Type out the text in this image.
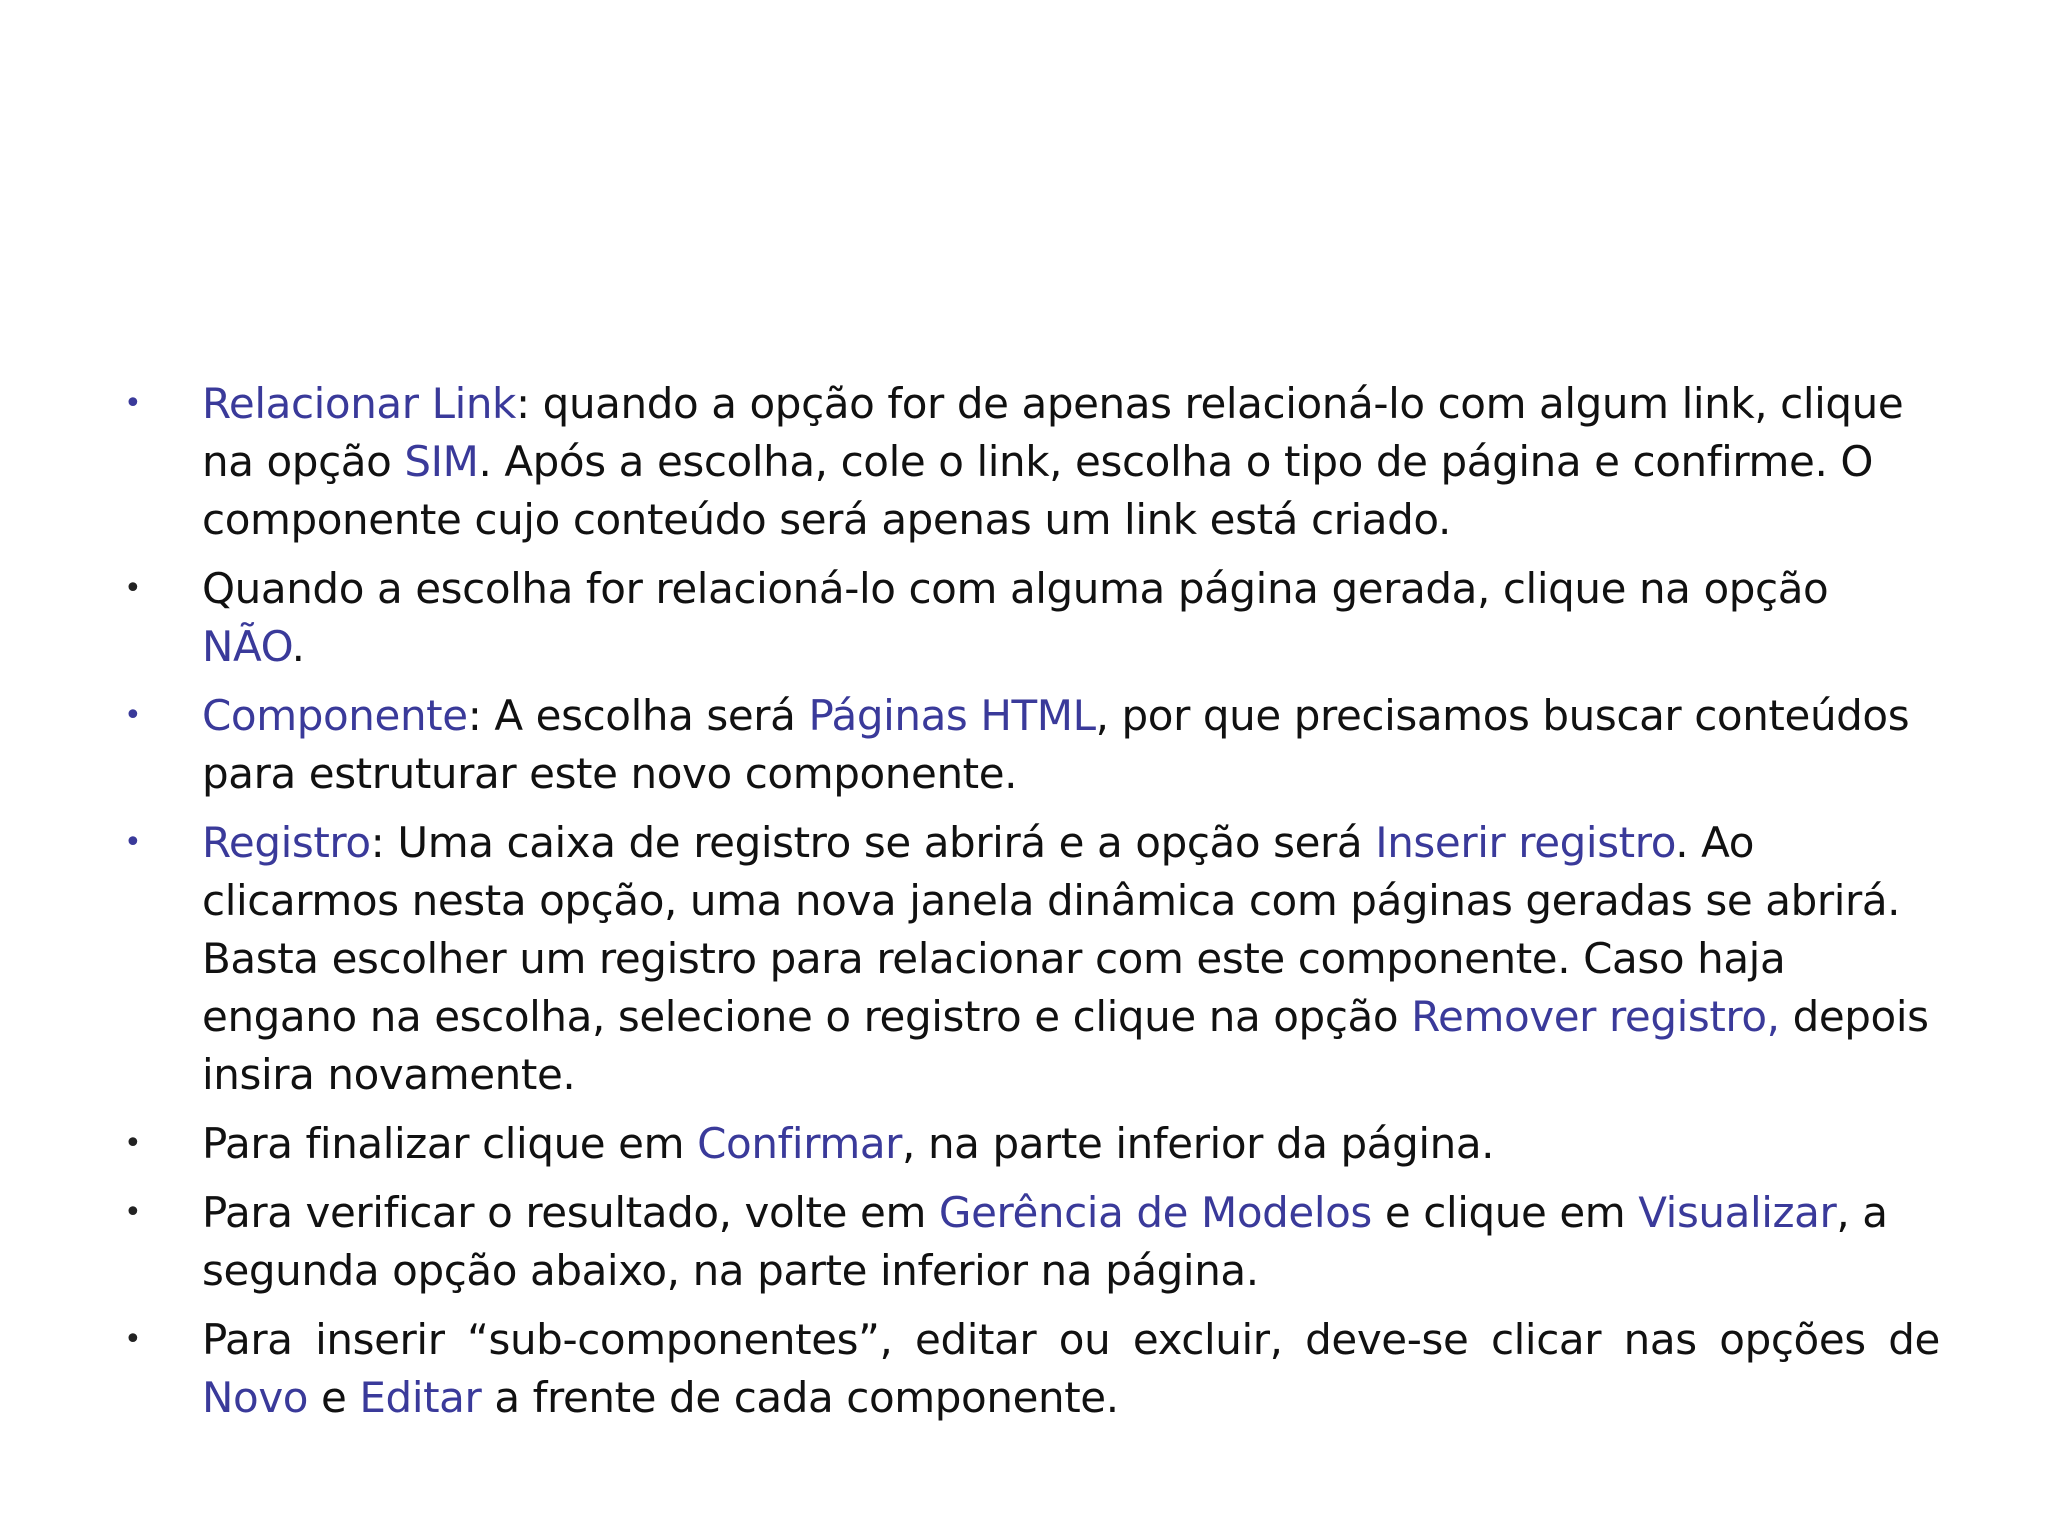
• Relacionar Link: quando a opção for de apenas relacioná-lo com algum link, clique na opção SIM. Após a escolha, cole o link, escolha o tipo de página e confirme. O componente cujo conteúdo será apenas um link está criado.
• Quando a escolha for relacioná-lo com alguma página gerada, clique na opção NÃO.
• Componente: A escolha será Páginas HTML, por que precisamos buscar conteúdos para estruturar este novo componente.
• Registro: Uma caixa de registro se abrirá e a opção será Inserir registro. Ao clicarmos nesta opção, uma nova janela dinâmica com páginas geradas se abrirá. Basta escolher um registro para relacionar com este componente. Caso haja engano na escolha, selecione o registro e clique na opção Remover registro, depois insira novamente.
• Para finalizar clique em Confirmar, na parte inferior da página.
• Para verificar o resultado, volte em Gerência de Modelos e clique em Visualizar, a segunda opção abaixo, na parte inferior na página.
• Para inserir “sub-componentes”, editar ou excluir, deve-se clicar nas opções de Novo e Editar a frente de cada componente.
